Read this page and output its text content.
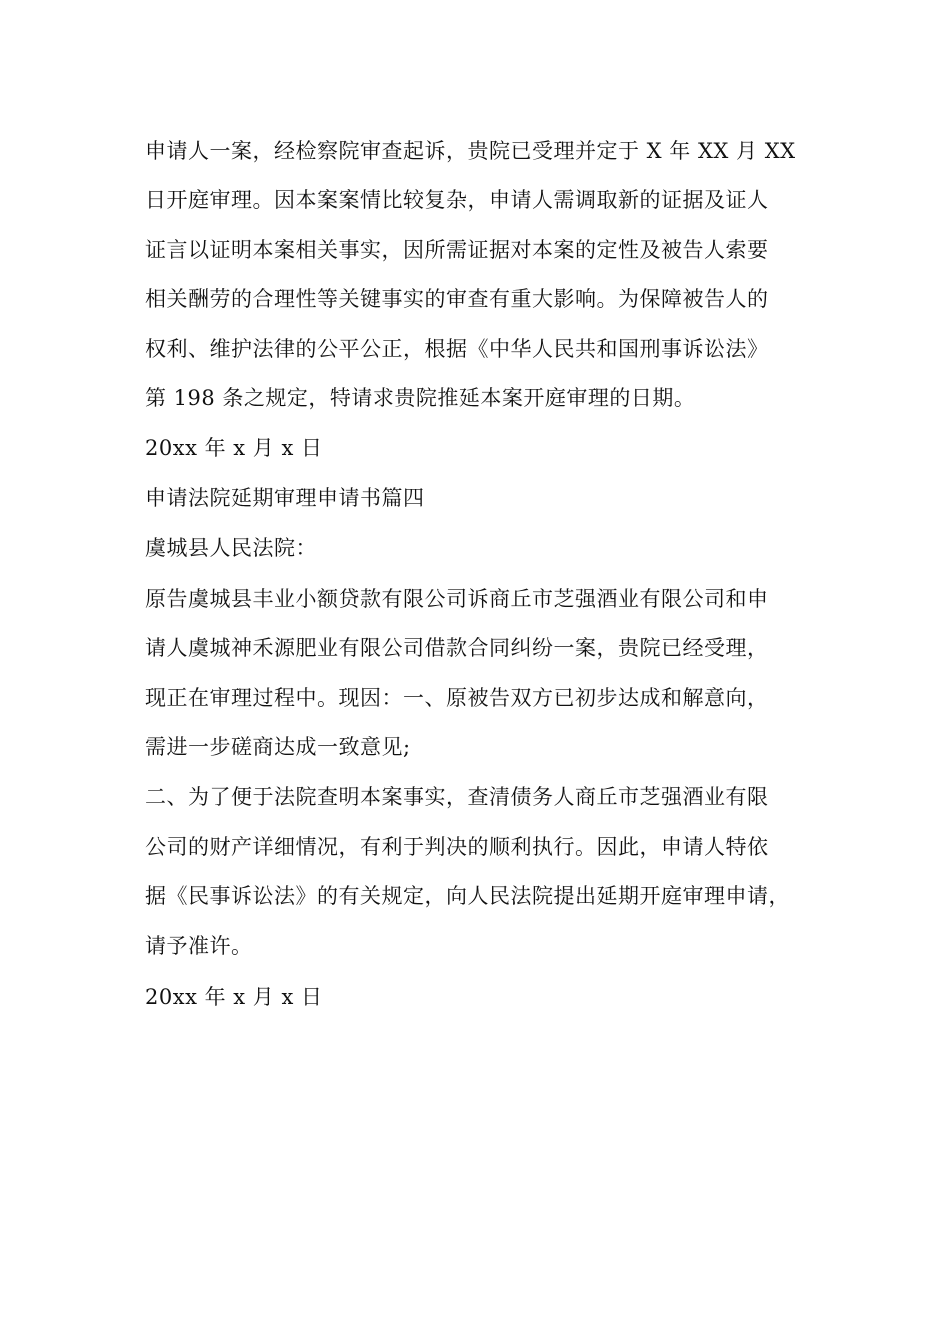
申请人一案，经检察院审查起诉，贵院已受理并定于 X 年 XX 月 XX
日开庭审理。因本案案情比较复杂，申请人需调取新的证据及证人
证言以证明本案相关事实，因所需证据对本案的定性及被告人索要
相关酬劳的合理性等关键事实的审查有重大影响。为保障被告人的
权利、维护法律的公平公正，根据《中华人民共和国刑事诉讼法》
第 198 条之规定，特请求贵院推延本案开庭审理的日期。
20xx 年 x 月 x 日
申请法院延期审理申请书篇四
虞城县人民法院：
原告虞城县丰业小额贷款有限公司诉商丘市芝强酒业有限公司和申
请人虞城神禾源肥业有限公司借款合同纠纷一案，贵院已经受理，
现正在审理过程中。现因：一、原被告双方已初步达成和解意向，
需进一步磋商达成一致意见;
二、为了便于法院查明本案事实，查清债务人商丘市芝强酒业有限
公司的财产详细情况，有利于判决的顺利执行。因此，申请人特依
据《民事诉讼法》的有关规定，向人民法院提出延期开庭审理申请，
请予准许。
20xx 年 x 月 x 日
